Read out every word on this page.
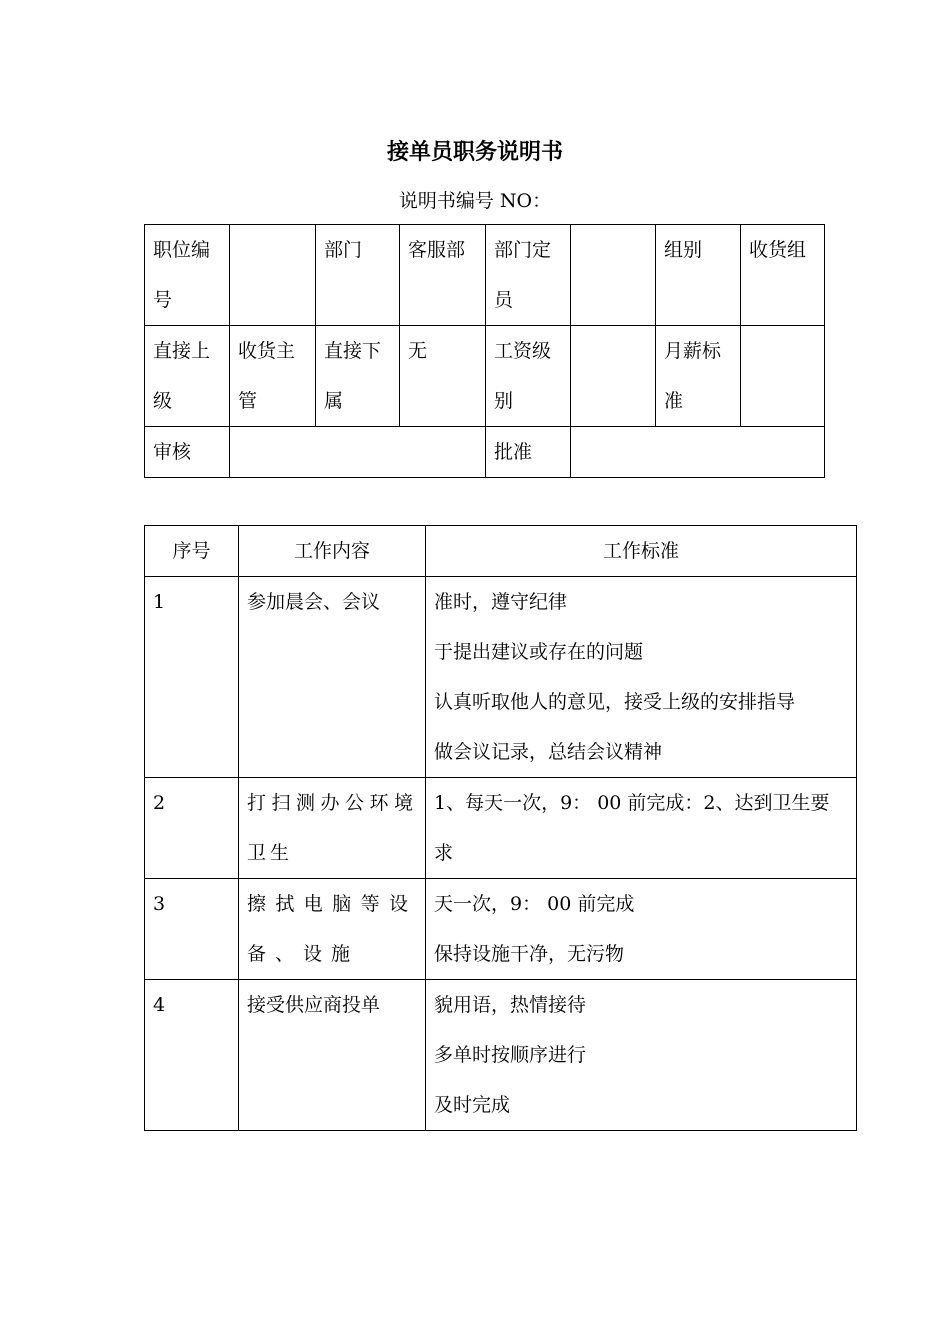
接单员职务说明书
说明书编号 NO：
职位编号		部门	客服部	部门定员		组别	收货组
直接上级	收货主管	直接下属	无	工资级别		月薪标准	
审核				批准			
序号	工作内容	工作标准
1	参加晨会、会议	准时，遵守纪律
于提出建议或存在的问题
认真听取他人的意见，接受上级的安排指导
做会议记录，总结会议精神

2	打扫测办公环境卫生	1、每天一次，9： 00 前完成：2、达到卫生要求

3	擦拭电脑等设备、设施	天一次，9： 00 前完成
保持设施干净，无污物

4	接受供应商投单	貌用语，热情接待
多单时按顺序进行
及时完成
